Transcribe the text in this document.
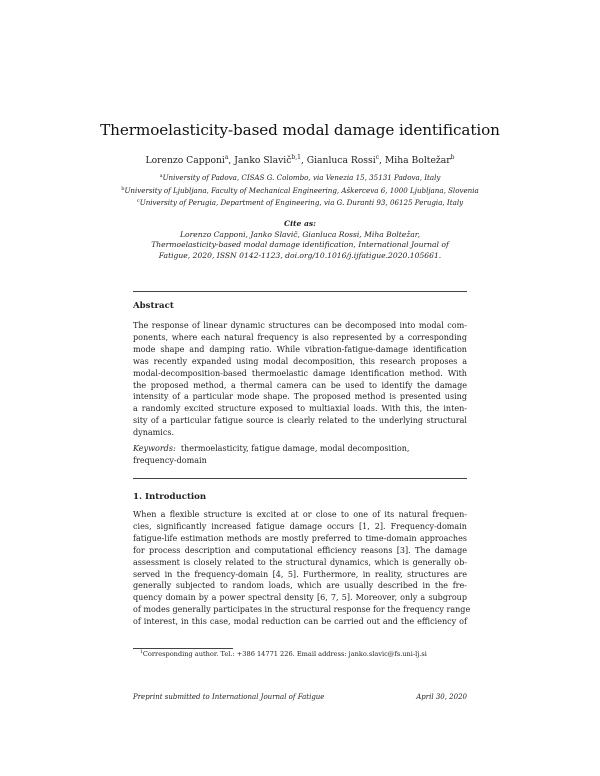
Thermoelasticity-based modal damage identification
Lorenzo Capponi$^a$, Janko Slavič$^{b,1}$, Gianluca Rossi$^c$, Miha Boltežar$^b$
$^a$University of Padova, CISAS G. Colombo, via Venezia 15, 35131 Padova, Italy
$^b$University of Ljubljana, Faculty of Mechanical Engineering, Aškerceva 6, 1000 Ljubljana, Slovenia
$^c$University of Perugia, Department of Engineering, via G. Duranti 93, 06125 Perugia, Italy
Cite as:
Lorenzo Capponi, Janko Slavič, Gianluca Rossi, Miha Boltežar,
Thermoelasticity-based modal damage identification, International Journal of
Fatigue, 2020, ISSN 0142-1123, doi.org/10.1016/j.ijfatigue.2020.105661.
Abstract

The response of linear dynamic structures can be decomposed into modal com-
ponents, where each natural frequency is also represented by a corresponding
mode shape and damping ratio. While vibration-fatigue-damage identification
was recently expanded using modal decomposition, this research proposes a
modal-decomposition-based thermoelastic damage identification method. With
the proposed method, a thermal camera can be used to identify the damage
intensity of a particular mode shape. The proposed method is presented using
a randomly excited structure exposed to multiaxial loads. With this, the inten-
sity of a particular fatigue source is clearly related to the underlying structural
dynamics.

Keywords: thermoelasticity, fatigue damage, modal decomposition,
frequency-domain
1. Introduction

When a flexible structure is excited at or close to one of its natural frequen-
cies, significantly increased fatigue damage occurs [1, 2]. Frequency-domain
fatigue-life estimation methods are mostly preferred to time-domain approaches
for process description and computational efficiency reasons [3]. The damage
assessment is closely related to the structural dynamics, which is generally ob-
served in the frequency-domain [4, 5]. Furthermore, in reality, structures are
generally subjected to random loads, which are usually described in the fre-
quency domain by a power spectral density [6, 7, 5]. Moreover, only a subgroup
of modes generally participates in the structural response for the frequency range
of interest, in this case, modal reduction can be carried out and the efficiency of

$^1$Corresponding author. Tel.: +386 14771 226. Email address: janko.slavic@fs.uni-lj.si
Preprint submitted to International Journal of Fatigue	April 30, 2020
